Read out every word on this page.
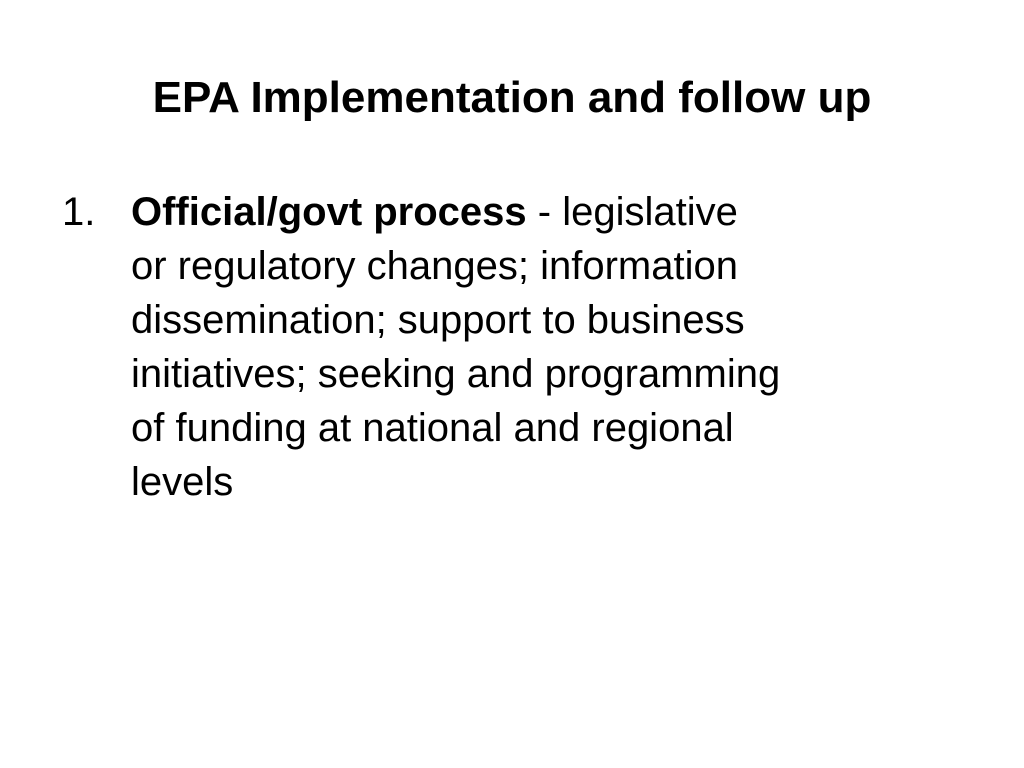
EPA Implementation and follow up
1. Official/govt process - legislative
or regulatory changes; information
dissemination; support to business
initiatives; seeking and programming
of funding at national and regional
levels
